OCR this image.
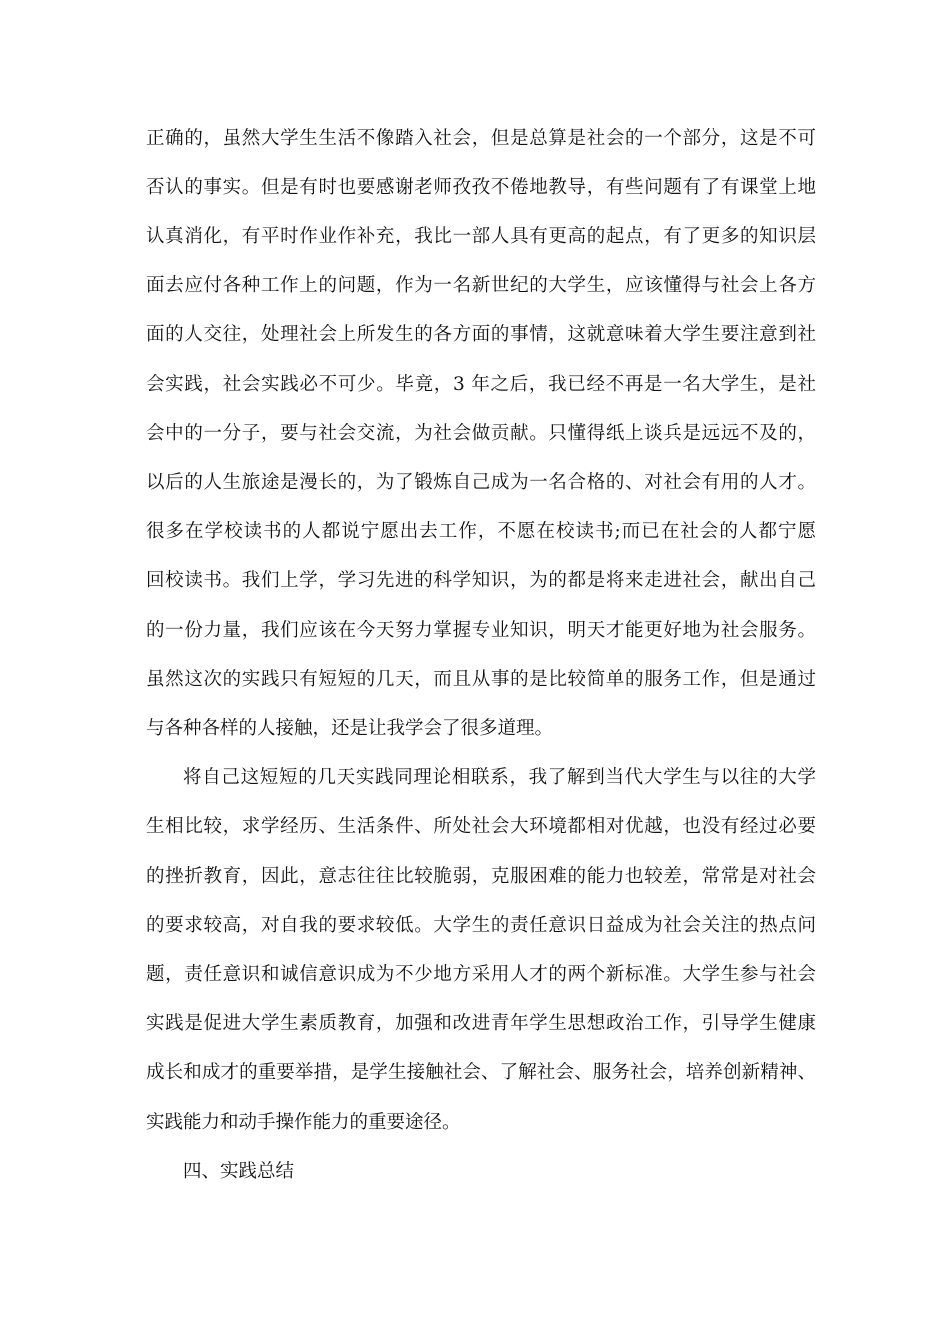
正确的，虽然大学生生活不像踏入社会，但是总算是社会的一个部分，这是不可
否认的事实。但是有时也要感谢老师孜孜不倦地教导，有些问题有了有课堂上地
认真消化，有平时作业作补充，我比一部人具有更高的起点，有了更多的知识层
面去应付各种工作上的问题，作为一名新世纪的大学生，应该懂得与社会上各方
面的人交往，处理社会上所发生的各方面的事情，这就意味着大学生要注意到社
会实践，社会实践必不可少。毕竟，3 年之后，我已经不再是一名大学生，是社
会中的一分子，要与社会交流，为社会做贡献。只懂得纸上谈兵是远远不及的，
以后的人生旅途是漫长的，为了锻炼自己成为一名合格的、对社会有用的人才。
很多在学校读书的人都说宁愿出去工作，不愿在校读书;而已在社会的人都宁愿
回校读书。我们上学，学习先进的科学知识，为的都是将来走进社会，献出自己
的一份力量，我们应该在今天努力掌握专业知识，明天才能更好地为社会服务。
虽然这次的实践只有短短的几天，而且从事的是比较简单的服务工作，但是通过
与各种各样的人接触，还是让我学会了很多道理。
将自己这短短的几天实践同理论相联系，我了解到当代大学生与以往的大学
生相比较，求学经历、生活条件、所处社会大环境都相对优越，也没有经过必要
的挫折教育，因此，意志往往比较脆弱，克服困难的能力也较差，常常是对社会
的要求较高，对自我的要求较低。大学生的责任意识日益成为社会关注的热点问
题，责任意识和诚信意识成为不少地方采用人才的两个新标准。大学生参与社会
实践是促进大学生素质教育，加强和改进青年学生思想政治工作，引导学生健康
成长和成才的重要举措，是学生接触社会、了解社会、服务社会，培养创新精神、
实践能力和动手操作能力的重要途径。
四、实践总结
